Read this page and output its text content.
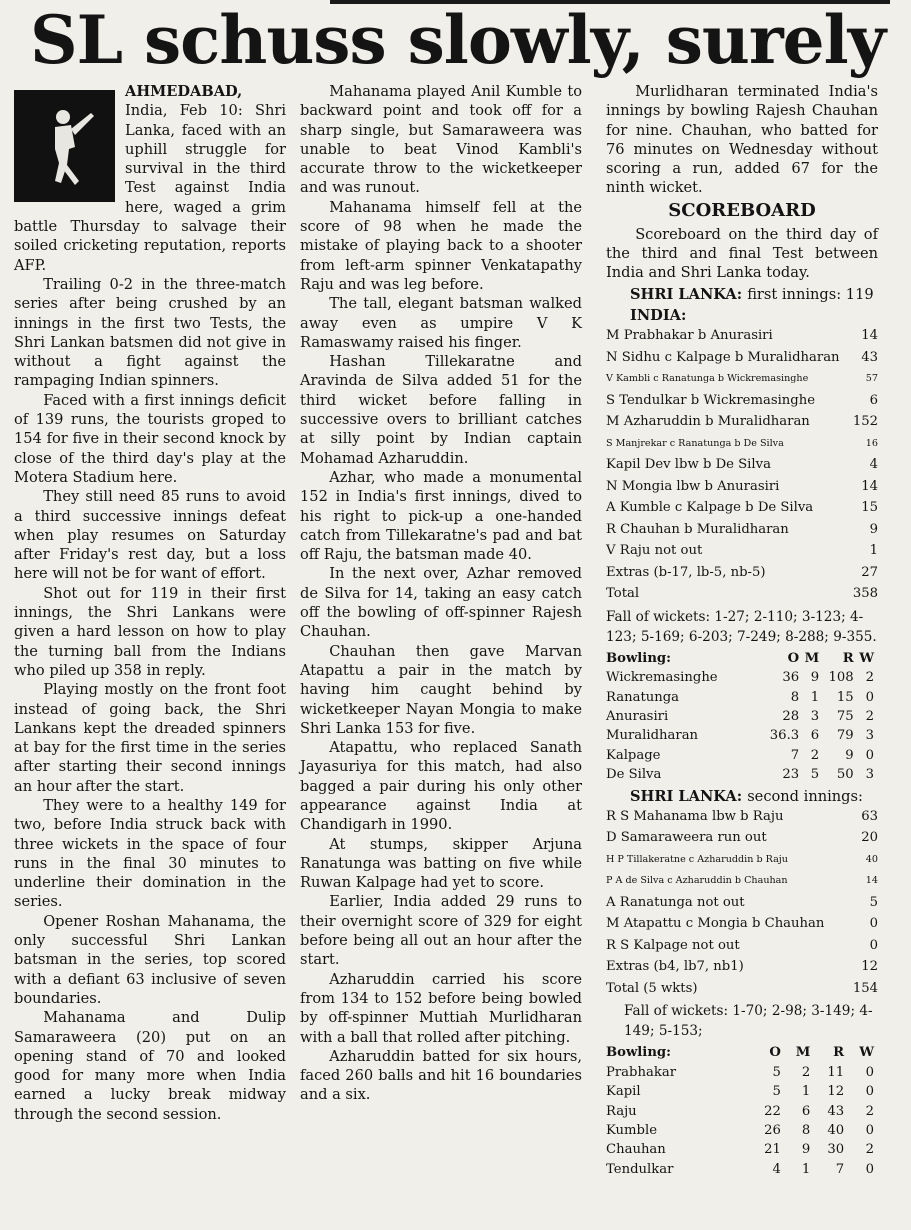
SL schuss slowly, surely

AHMEDABAD, India, Feb 10: Shri Lanka, faced with an uphill struggle for survival in the third Test against India here, waged a grim battle Thursday to salvage their soiled cricketing reputation, reports AFP.

Trailing 0-2 in the three-match series after being crushed by an innings in the first two Tests, the Shri Lankan batsmen did not give in without a fight against the rampaging Indian spinners.

Faced with a first innings deficit of 139 runs, the tourists groped to 154 for five in their second knock by close of the third day's play at the Motera Stadium here.

They still need 85 runs to avoid a third successive innings defeat when play resumes on Saturday after Friday's rest day, but a loss here will not be for want of effort.

Shot out for 119 in their first innings, the Shri Lankans were given a hard lesson on how to play the turning ball from the Indians who piled up 358 in reply.

Playing mostly on the front foot instead of going back, the Shri Lankans kept the dreaded spinners at bay for the first time in the series after starting their second innings an hour after the start.

They were to a healthy 149 for two, before India struck back with three wickets in the space of four runs in the final 30 minutes to underline their domination in the series.

Opener Roshan Mahanama, the only successful Shri Lankan batsman in the series, top scored with a defiant 63 inclusive of seven boundaries.

Mahanama and Dulip Samaraweera (20) put on an opening stand of 70 and looked good for many more when India earned a lucky break midway through the second session.

Mahanama played Anil Kumble to backward point and took off for a sharp single, but Samaraweera was unable to beat Vinod Kambli's accurate throw to the wicketkeeper and was runout.

Mahanama himself fell at the score of 98 when he made the mistake of playing back to a shooter from left-arm spinner Venkatapathy Raju and was leg before.

The tall, elegant batsman walked away even as umpire V K Ramaswamy raised his finger.

Hashan Tillekaratne and Aravinda de Silva added 51 for the third wicket before falling in successive overs to brilliant catches at silly point by Indian captain Mohamad Azharuddin.

Azhar, who made a monumental 152 in India's first innings, dived to his right to pick-up a one-handed catch from Tillekaratne's pad and bat off Raju, the batsman made 40.

In the next over, Azhar removed de Silva for 14, taking an easy catch off the bowling of off-spinner Rajesh Chauhan.

Chauhan then gave Marvan Atapattu a pair in the match by having him caught behind by wicketkeeper Nayan Mongia to make Shri Lanka 153 for five.

Atapattu, who replaced Sanath Jayasuriya for this match, had also bagged a pair during his only other appearance against India at Chandigarh in 1990.

At stumps, skipper Arjuna Ranatunga was batting on five while Ruwan Kalpage had yet to score.

Earlier, India added 29 runs to their overnight score of 329 for eight before being all out an hour after the start.

Azharuddin carried his score from 134 to 152 before being bowled by off-spinner Muttiah Murlidharan with a ball that rolled after pitching.

Azharuddin batted for six hours, faced 260 balls and hit 16 boundaries and a six.

Murlidharan terminated India's innings by bowling Rajesh Chauhan for nine. Chauhan, who batted for 76 minutes on Wednesday without scoring a run, added 67 for the ninth wicket.

SCOREBOARD

Scoreboard on the third day of the third and final Test between India and Shri Lanka today.

SHRI LANKA: first innings: 119
INDIA:
M Prabhakar b Anurasiri	14
N Sidhu c Kalpage b Muralidharan	43
V Kambli c Ranatunga b Wickremasinghe	57
S Tendulkar b Wickremasinghe	6
M Azharuddin b Muralidharan	152
S Manjrekar c Ranatunga b De Silva	16
Kapil Dev lbw b De Silva	4
N Mongia lbw b Anurasiri	14
A Kumble c Kalpage b De Silva	15
R Chauhan b Muralidharan	9
V Raju not out	1
Extras (b-17, lb-5, nb-5)	27
Total	358
Fall of wickets: 1-27; 2-110; 3-123; 4-123; 5-169; 6-203; 7-249; 8-288; 9-355.
Bowling:	O	M	R	W
Wickremasinghe	36	9	108	2
Ranatunga	8	1	15	0
Anurasiri	28	3	75	2
Muralidharan	36.3	6	79	3
Kalpage	7	2	9	0
De Silva	23	5	50	3
SHRI LANKA: second innings:
R S Mahanama lbw b Raju	63
D Samaraweera run out	20
H P Tillakeratne c Azharuddin b Raju	40
P A de Silva c Azharuddin b Chauhan	14
A Ranatunga not out	5
M Atapattu c Mongia b Chauhan	0
R S Kalpage not out	0
Extras (b4, lb7, nb1)	12
Total (5 wkts)	154
Fall of wickets: 1-70; 2-98; 3-149; 4-149; 5-153;
Bowling:	O	M	R	W
Prabhakar	5	2	11	0
Kapil	5	1	12	0
Raju	22	6	43	2
Kumble	26	8	40	0
Chauhan	21	9	30	2
Tendulkar	4	1	7	0
